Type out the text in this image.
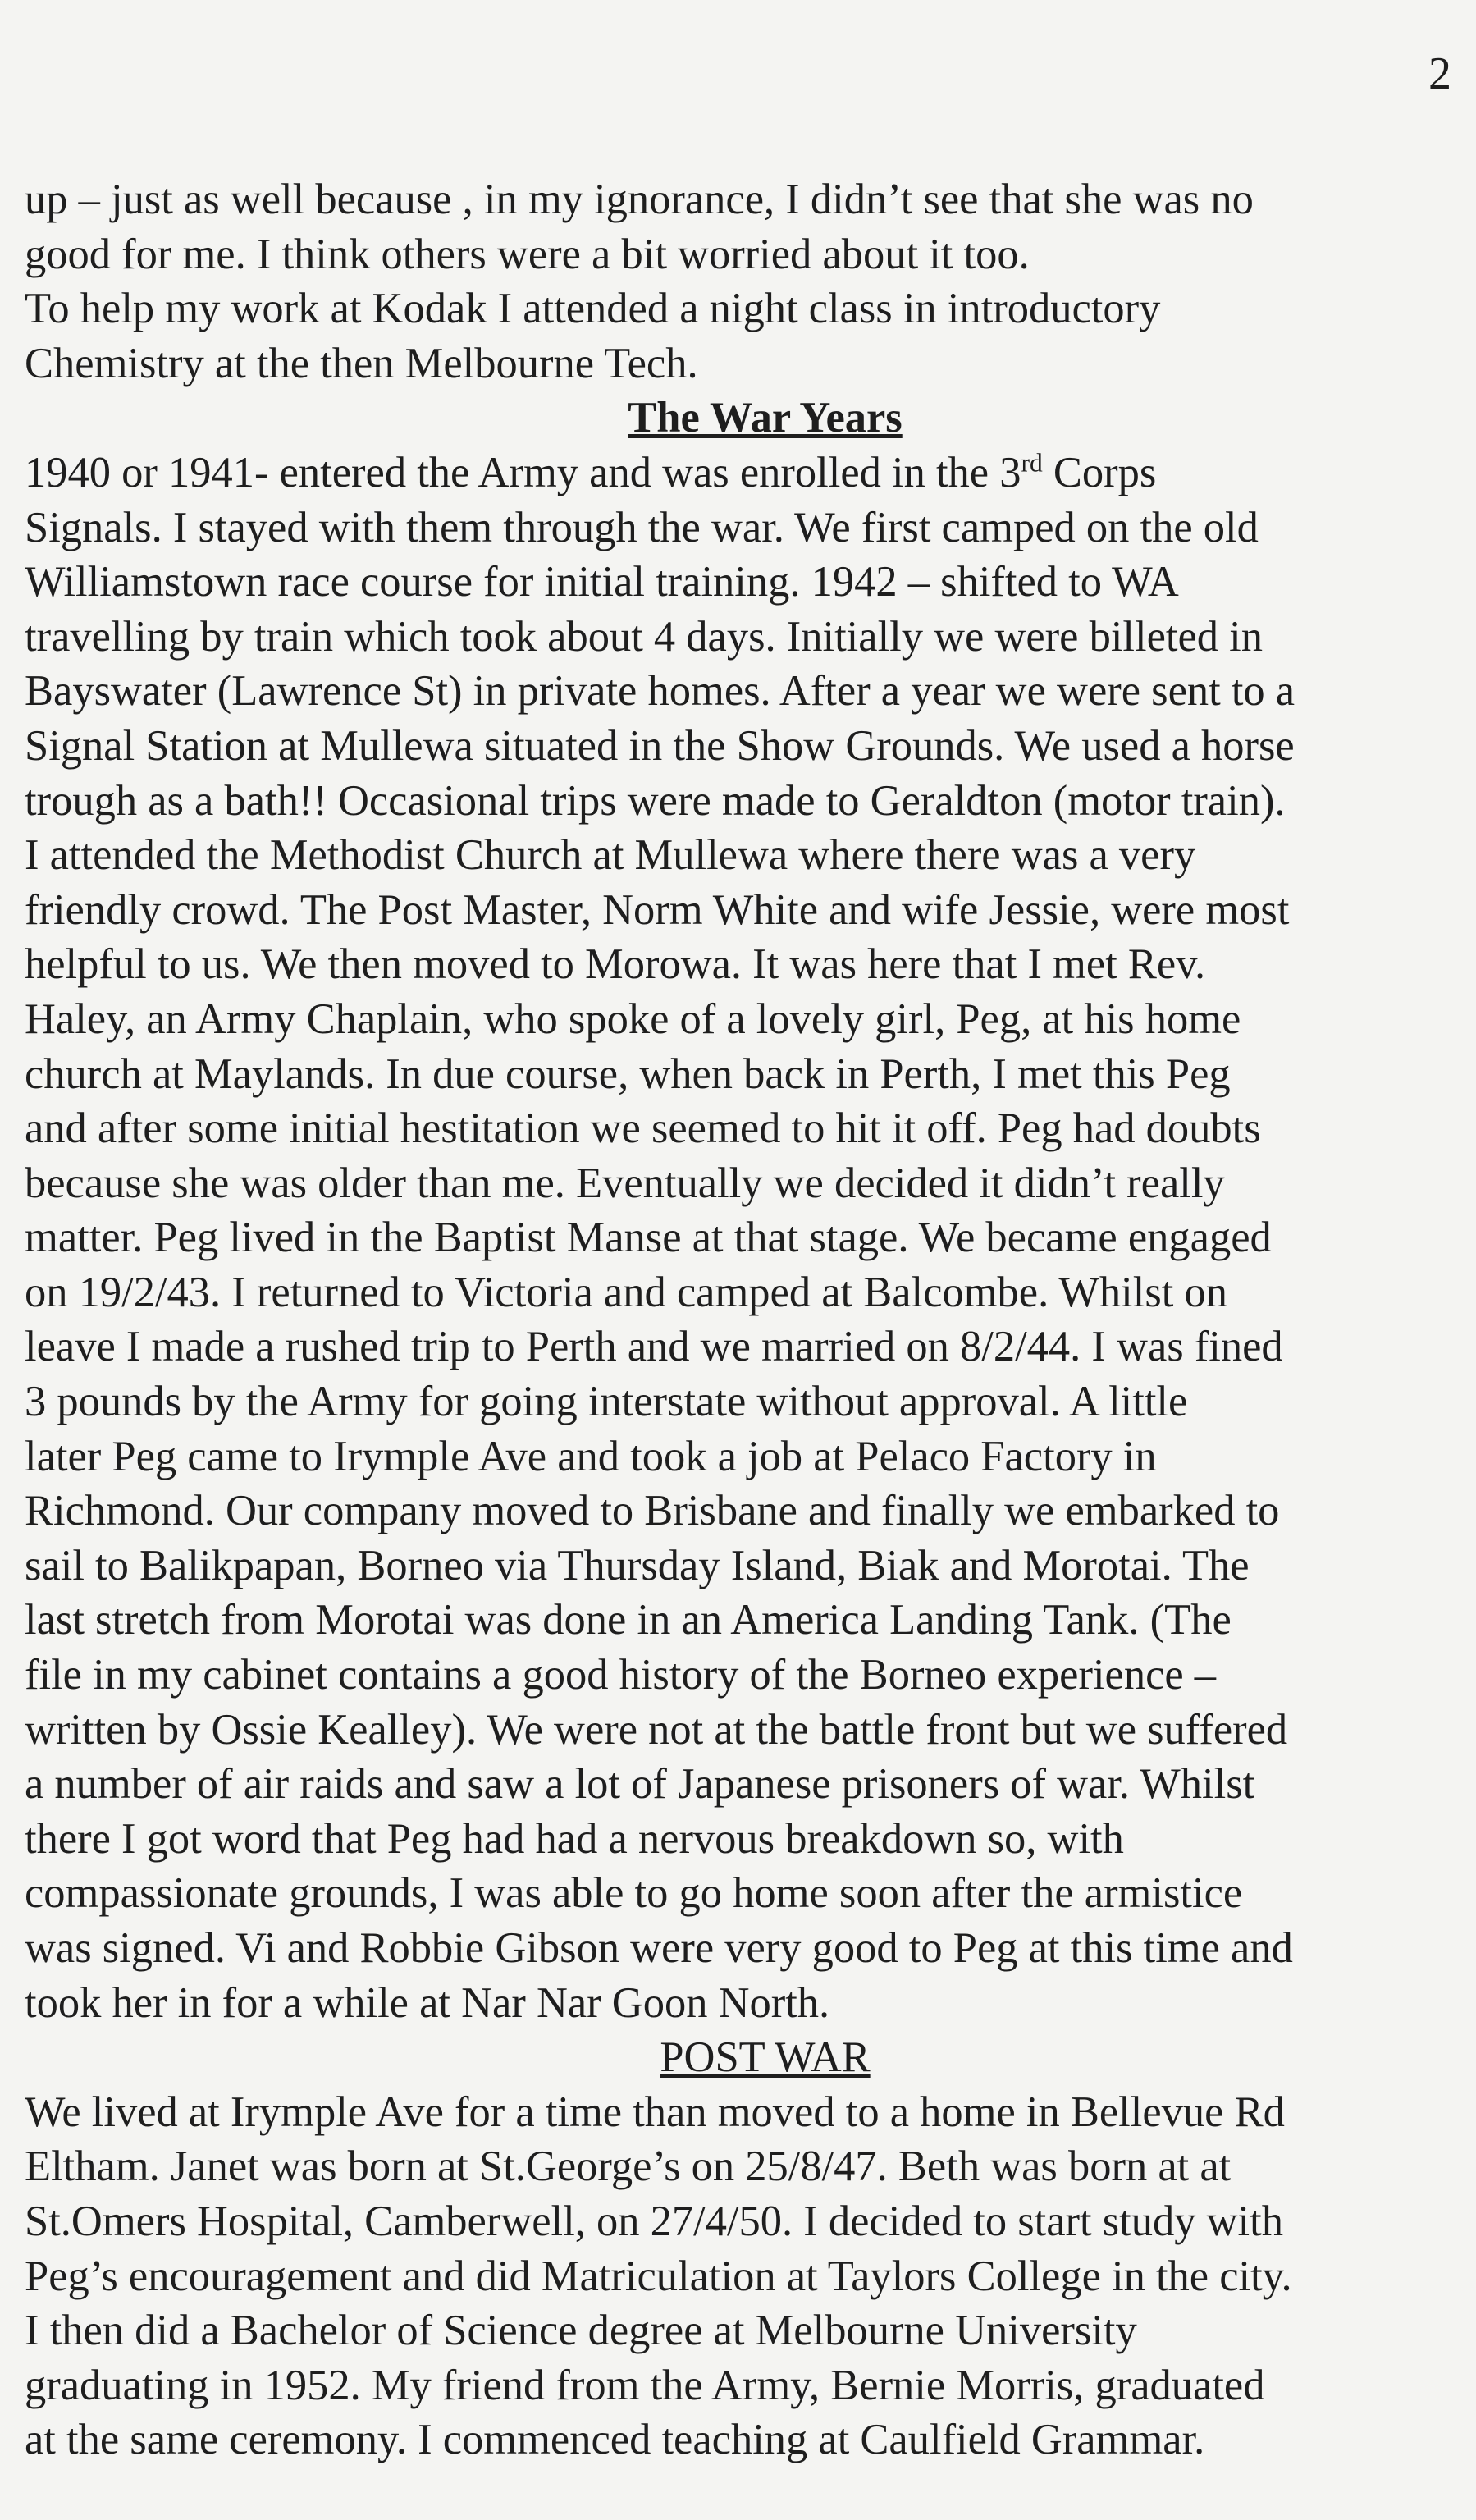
2
up – just as well because , in my ignorance, I didn’t see that she was no
good for me. I think others were a bit worried about it too.
To help my work at Kodak I attended a night class in introductory
Chemistry at the then Melbourne Tech.
The War Years
1940 or 1941- entered the Army and was enrolled in the 3rd Corps
Signals. I stayed with them through the war. We first camped on the old
Williamstown race course for initial training. 1942 – shifted to WA
travelling by train which took about 4 days. Initially we were billeted in
Bayswater (Lawrence St) in private homes. After a year we were sent to a
Signal Station at Mullewa situated in the Show Grounds. We used a horse
trough as a bath!! Occasional trips were made to Geraldton (motor train).
I attended the Methodist Church at Mullewa where there was a very
friendly crowd. The Post Master, Norm White and wife Jessie, were most
helpful to us. We then moved to Morowa. It was here that I met Rev.
Haley, an Army Chaplain, who spoke of a lovely girl, Peg, at his home
church at Maylands. In due course, when back in Perth, I met this Peg
and after some initial hestitation we seemed to hit it off. Peg had doubts
because she was older than me. Eventually we decided it didn’t really
matter. Peg lived in the Baptist Manse at that stage. We became engaged
on 19/2/43. I returned to Victoria and camped at Balcombe. Whilst on
leave I made a rushed trip to Perth and we married on 8/2/44. I was fined
3 pounds by the Army for going interstate without approval. A little
later Peg came to Irymple Ave and took a job at Pelaco Factory in
Richmond. Our company moved to Brisbane and finally we embarked to
sail to Balikpapan, Borneo via Thursday Island, Biak and Morotai. The
last stretch from Morotai was done in an America Landing Tank. (The
file in my cabinet contains a good history of the Borneo experience –
written by Ossie Kealley). We were not at the battle front but we suffered
a number of air raids and saw a lot of Japanese prisoners of war. Whilst
there I got word that Peg had had a nervous breakdown so, with
compassionate grounds, I was able to go home soon after the armistice
was signed. Vi and Robbie Gibson were very good to Peg at this time and
took her in for a while at Nar Nar Goon North.
POST WAR
We lived at Irymple Ave for a time than moved to a home in Bellevue Rd
Eltham. Janet was born at St.George’s on 25/8/47. Beth was born at at
St.Omers Hospital, Camberwell, on 27/4/50. I decided to start study with
Peg’s encouragement and did Matriculation at Taylors College in the city.
I then did a Bachelor of Science degree at Melbourne University
graduating in 1952. My friend from the Army, Bernie Morris, graduated
at the same ceremony. I commenced teaching at Caulfield Grammar.
